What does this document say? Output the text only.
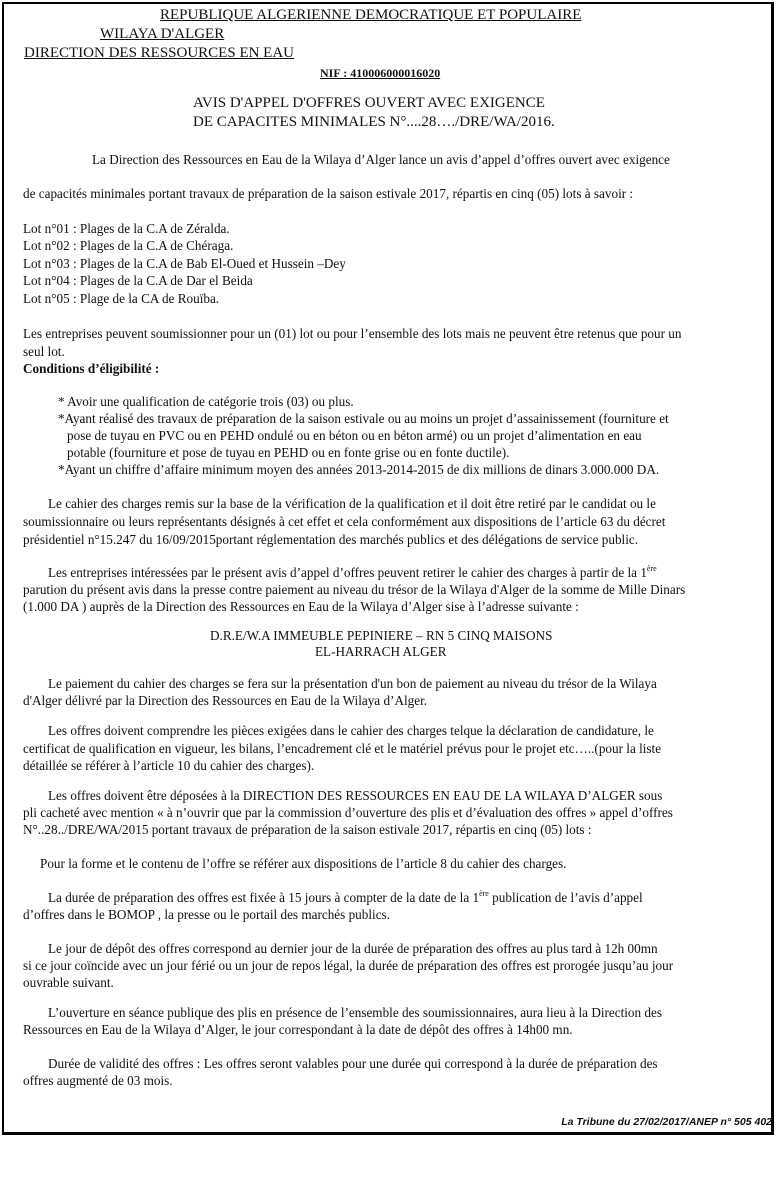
REPUBLIQUE ALGERIENNE DEMOCRATIQUE ET POPULAIRE
WILAYA D'ALGER
DIRECTION DES RESSOURCES EN EAU
NIF : 410006000016020
AVIS D'APPEL D'OFFRES OUVERT AVEC EXIGENCE
DE CAPACITES MINIMALES N°....28…./DRE/WA/2016.
La Direction des Ressources en Eau de la Wilaya d’Alger lance un avis d’appel d’offres ouvert avec exigence
de capacités minimales portant travaux de préparation de la saison estivale 2017, répartis en cinq (05) lots à savoir :
Lot n°01 : Plages de la C.A de Zéralda.
Lot n°02 : Plages de la C.A de Chéraga.
Lot n°03 : Plages de la C.A de Bab El-Oued et Hussein –Dey
Lot n°04 : Plages de la C.A de Dar el Beida
Lot n°05 : Plage de la CA de Rouïba.
Les entreprises peuvent soumissionner pour un (01) lot ou pour l’ensemble des lots mais ne peuvent être retenus que pour un
seul lot.
Conditions d’éligibilité :
* Avoir une qualification de catégorie trois (03) ou plus.
*Ayant réalisé des travaux de préparation de la saison estivale ou au moins un projet d’assainissement (fourniture et
pose de tuyau en PVC ou en PEHD ondulé ou en béton ou en béton armé) ou un projet d’alimentation en eau
potable (fourniture et pose de tuyau en PEHD ou en fonte grise ou en fonte ductile).
*Ayant un chiffre d’affaire minimum moyen des années 2013-2014-2015 de dix millions de dinars 3.000.000 DA.
Le cahier des charges remis sur la base de la vérification de la qualification et il doit être retiré par le candidat ou le
soumissionnaire ou leurs représentants désignés à cet effet et cela conformément aux dispositions de l’article 63 du décret
présidentiel n°15.247 du 16/09/2015portant réglementation des marchés publics et des délégations de service public.
Les entreprises intéressées par le présent avis d’appel d’offres peuvent retirer le cahier des charges à partir de la 1ère
parution du présent avis dans la presse contre paiement au niveau du trésor de la Wilaya d'Alger de la somme de Mille Dinars
(1.000 DA ) auprès de la Direction des Ressources en Eau de la Wilaya d’Alger sise à l’adresse suivante :
D.R.E/W.A IMMEUBLE PEPINIERE – RN 5 CINQ MAISONS
EL-HARRACH ALGER
Le paiement du cahier des charges se fera sur la présentation d'un bon de paiement au niveau du trésor de la Wilaya
d'Alger délivré par la Direction des Ressources en Eau de la Wilaya d’Alger.
Les offres doivent comprendre les pièces exigées dans le cahier des charges telque la déclaration de candidature, le
certificat de qualification en vigueur, les bilans, l’encadrement clé et le matériel prévus pour le projet etc…..(pour la liste
détaillée se référer à l’article 10 du cahier des charges).
Les offres doivent être déposées à la DIRECTION DES RESSOURCES EN EAU DE LA WILAYA D’ALGER sous
pli cacheté avec mention « à n’ouvrir que par la commission d’ouverture des plis et d’évaluation des offres » appel d’offres
N°..28../DRE/WA/2015 portant travaux de préparation de la saison estivale 2017, répartis en cinq (05) lots :
Pour la forme et le contenu de l’offre se référer aux dispositions de l’article 8 du cahier des charges.
La durée de préparation des offres est fixée à 15 jours à compter de la date de la 1ère publication de l’avis d’appel
d’offres dans le BOMOP , la presse ou le portail des marchés publics.
Le jour de dépôt des offres correspond au dernier jour de la durée de préparation des offres au plus tard à 12h 00mn
si ce jour coïncide avec un jour férié ou un jour de repos légal, la durée de préparation des offres est prorogée jusqu’au jour
ouvrable suivant.
L’ouverture en séance publique des plis en présence de l’ensemble des soumissionnaires, aura lieu à la Direction des
Ressources en Eau de la Wilaya d’Alger, le jour correspondant à la date de dépôt des offres à 14h00 mn.
Durée de validité des offres : Les offres seront valables pour une durée qui correspond à la durée de préparation des
offres augmenté de 03 mois.
La Tribune du 27/02/2017/ANEP n° 505 402
